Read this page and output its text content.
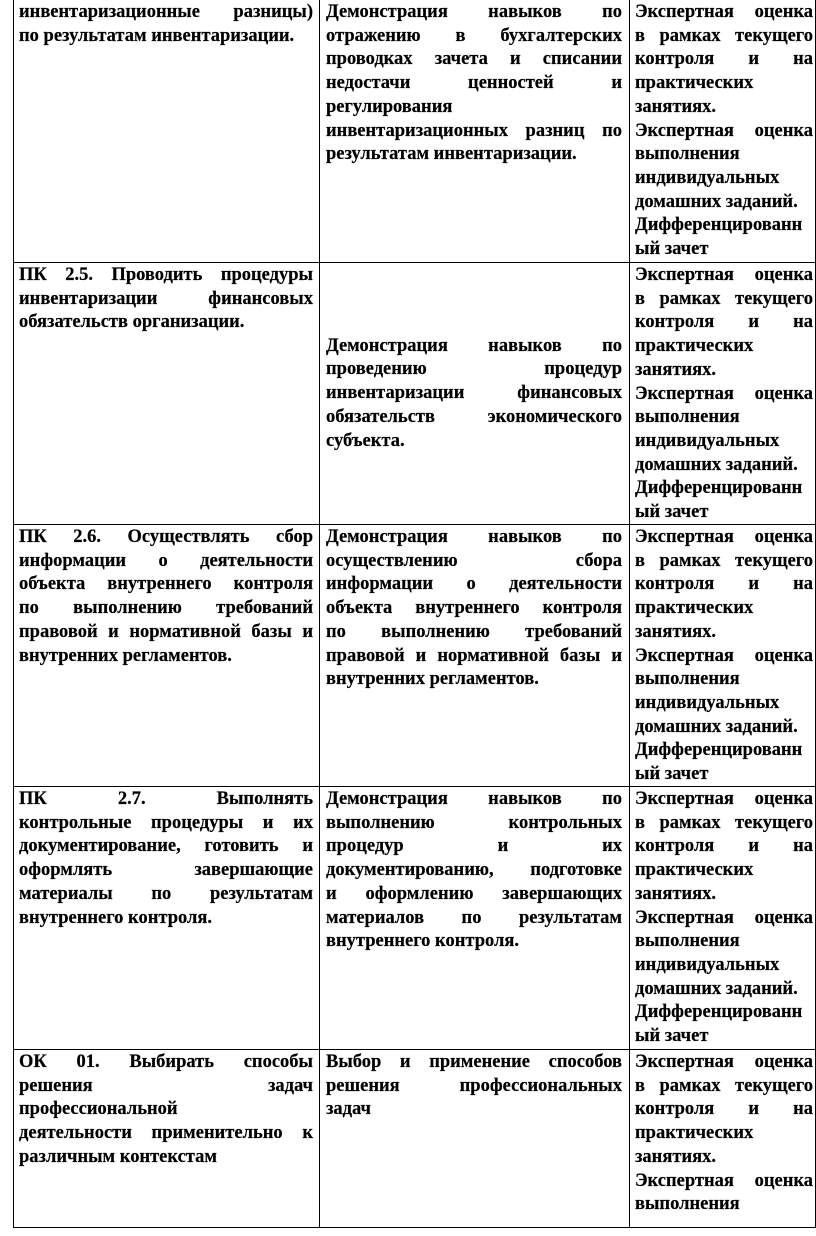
инвентаризационные разницы)
по результатам инвентаризации.
Демонстрация навыков по
отражению в бухгалтерских
проводках зачета и списании
недостачи ценностей и
регулирования
инвентаризационных разниц по
результатам инвентаризации.
Экспертная оценка
в рамках текущего
контроля и на
практических
занятиях.
Экспертная оценка
выполнения
индивидуальных
домашних заданий.
Дифференцированн
ый зачет
ПК 2.5. Проводить процедуры
инвентаризации финансовых
обязательств организации.
Демонстрация навыков по
проведению процедур
инвентаризации финансовых
обязательств экономического
субъекта.
Экспертная оценка
в рамках текущего
контроля и на
практических
занятиях.
Экспертная оценка
выполнения
индивидуальных
домашних заданий.
Дифференцированн
ый зачет
ПК 2.6. Осуществлять сбор
информации о деятельности
объекта внутреннего контроля
по выполнению требований
правовой и нормативной базы и
внутренних регламентов.
Демонстрация навыков по
осуществлению сбора
информации о деятельности
объекта внутреннего контроля
по выполнению требований
правовой и нормативной базы и
внутренних регламентов.
Экспертная оценка
в рамках текущего
контроля и на
практических
занятиях.
Экспертная оценка
выполнения
индивидуальных
домашних заданий.
Дифференцированн
ый зачет
ПК 2.7. Выполнять
контрольные процедуры и их
документирование, готовить и
оформлять завершающие
материалы по результатам
внутреннего контроля.
Демонстрация навыков по
выполнению контрольных
процедур и их
документированию, подготовке
и оформлению завершающих
материалов по результатам
внутреннего контроля.
Экспертная оценка
в рамках текущего
контроля и на
практических
занятиях.
Экспертная оценка
выполнения
индивидуальных
домашних заданий.
Дифференцированн
ый зачет
ОК 01. Выбирать способы
решения задач
профессиональной
деятельности применительно к
различным контекстам
Выбор и применение способов
решения профессиональных
задач
Экспертная оценка
в рамках текущего
контроля и на
практических
занятиях.
Экспертная оценка
выполнения
